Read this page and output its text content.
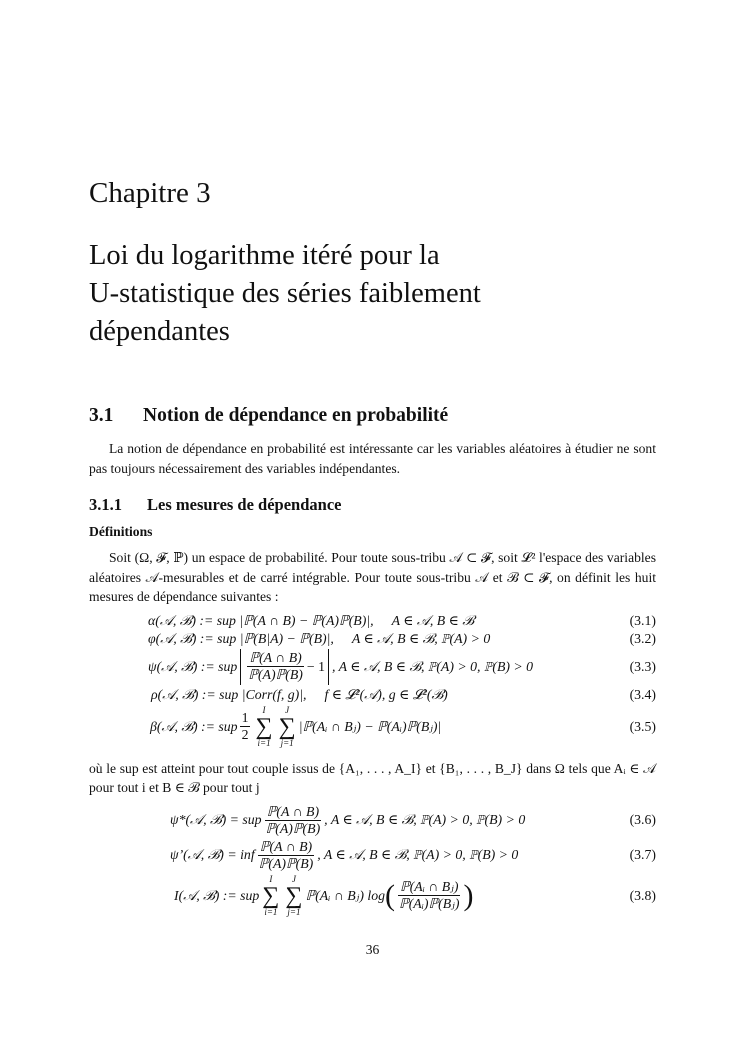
Chapitre 3
Loi du logarithme itéré pour la
U-statistique des séries faiblement
dépendantes
3.1 Notion de dépendance en probabilité

La notion de dépendance en probabilité est intéressante car les variables aléatoires à étudier ne sont pas toujours nécessairement des variables indépendantes.

3.1.1 Les mesures de dépendance
Définitions

Soit (Ω, 𝓕, ℙ) un espace de probabilité. Pour toute sous-tribu 𝒜 ⊂ 𝓕, soit 𝓛² l'espace des variables aléatoires 𝒜-mesurables et de carré intégrable. Pour toute sous-tribu 𝒜 et ℬ ⊂ 𝓕, on définit les huit mesures de dépendance suivantes :

α(𝒜, ℬ) := sup
|ℙ(A ∩ B) − ℙ(A)ℙ(B)|, A ∈ 𝒜, B ∈ ℬ	(3.1)
φ(𝒜, ℬ) := sup
|ℙ(B|A) − ℙ(B)|, A ∈ 𝒜, B ∈ ℬ, ℙ(A) > 0	(3.2)
ψ(𝒜, ℬ) := sup $\frac{\text{ℙ(A ∩ B)}}{\text{ℙ(A)ℙ(B)}} - 1$ , A ∈ 𝒜, B ∈ ℬ, ℙ(A) > 0, ℙ(B) > 0	(3.3)
ρ(𝒜, ℬ) := sup
|Corr(f, g)|, f ∈ 𝓛²(𝒜), g ∈ 𝓛²(ℬ)	(3.4)
β(𝒜, ℬ) := sup $\frac{1}{2}$
I
∑
i=1
J
∑
j=1
|ℙ(Aᵢ ∩ Bⱼ) − ℙ(Aᵢ)ℙ(Bⱼ)|	(3.5)

où le sup est atteint pour tout couple issus de {A₁, . . . , A_I} et {B₁, . . . , B_J} dans Ω tels que Aᵢ ∈ 𝒜 pour tout i et B ∈ ℬ pour tout j

ψ*(𝒜, ℬ) = sup $\frac{\text{ℙ(A ∩ B)}}{\text{ℙ(A)ℙ(B)}}$ , A ∈ 𝒜, B ∈ ℬ, ℙ(A) > 0, ℙ(B) > 0	(3.6)
ψ’(𝒜, ℬ) = inf $\frac{\text{ℙ(A ∩ B)}}{\text{ℙ(A)ℙ(B)}}$ , A ∈ 𝒜, B ∈ ℬ, ℙ(A) > 0, ℙ(B) > 0	(3.7)
I(𝒜, ℬ) := sup
I
∑
i=1
J
∑
j=1
ℙ(Aᵢ ∩ Bⱼ) log ( $\frac{\text{ℙ(Aᵢ ∩ Bⱼ)}}{\text{ℙ(Aᵢ)ℙ(Bⱼ)}}$ )	(3.8)
36
